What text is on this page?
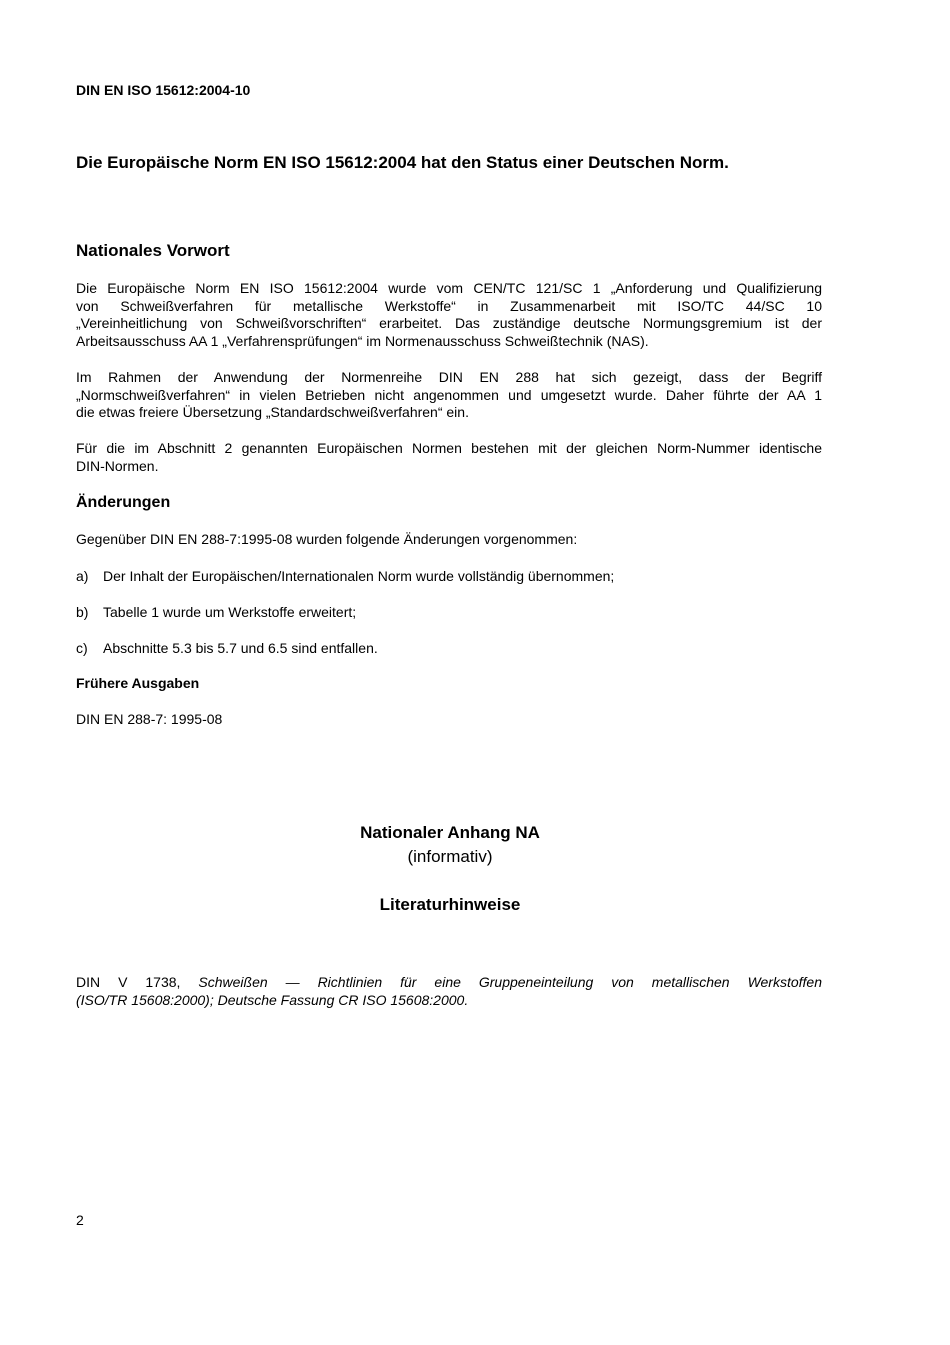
DIN EN ISO 15612:2004-10
Die Europäische Norm EN ISO 15612:2004 hat den Status einer Deutschen Norm.
Nationales Vorwort
Die Europäische Norm EN ISO 15612:2004 wurde vom CEN/TC 121/SC 1 „Anforderung und Qualifizierung
von Schweißverfahren für metallische Werkstoffe“ in Zusammenarbeit mit ISO/TC 44/SC 10
„Vereinheitlichung von Schweißvorschriften“ erarbeitet. Das zuständige deutsche Normungsgremium ist der
Arbeitsausschuss AA 1 „Verfahrensprüfungen“ im Normenausschuss Schweißtechnik (NAS).
Im Rahmen der Anwendung der Normenreihe DIN EN 288 hat sich gezeigt, dass der Begriff
„Normschweißverfahren“ in vielen Betrieben nicht angenommen und umgesetzt wurde. Daher führte der AA 1
die etwas freiere Übersetzung „Standardschweißverfahren“ ein.
Für die im Abschnitt 2 genannten Europäischen Normen bestehen mit der gleichen Norm-Nummer identische
DIN-Normen.
Änderungen
Gegenüber DIN EN 288-7:1995-08 wurden folgende Änderungen vorgenommen:
a) Der Inhalt der Europäischen/Internationalen Norm wurde vollständig übernommen;
b) Tabelle 1 wurde um Werkstoffe erweitert;
c) Abschnitte 5.3 bis 5.7 und 6.5 sind entfallen.
Frühere Ausgaben
DIN EN 288-7: 1995-08
Nationaler Anhang NA
(informativ)
Literaturhinweise
DIN V 1738, Schweißen — Richtlinien für eine Gruppeneinteilung von metallischen Werkstoffen
(ISO/TR 15608:2000); Deutsche Fassung CR ISO 15608:2000.
2
